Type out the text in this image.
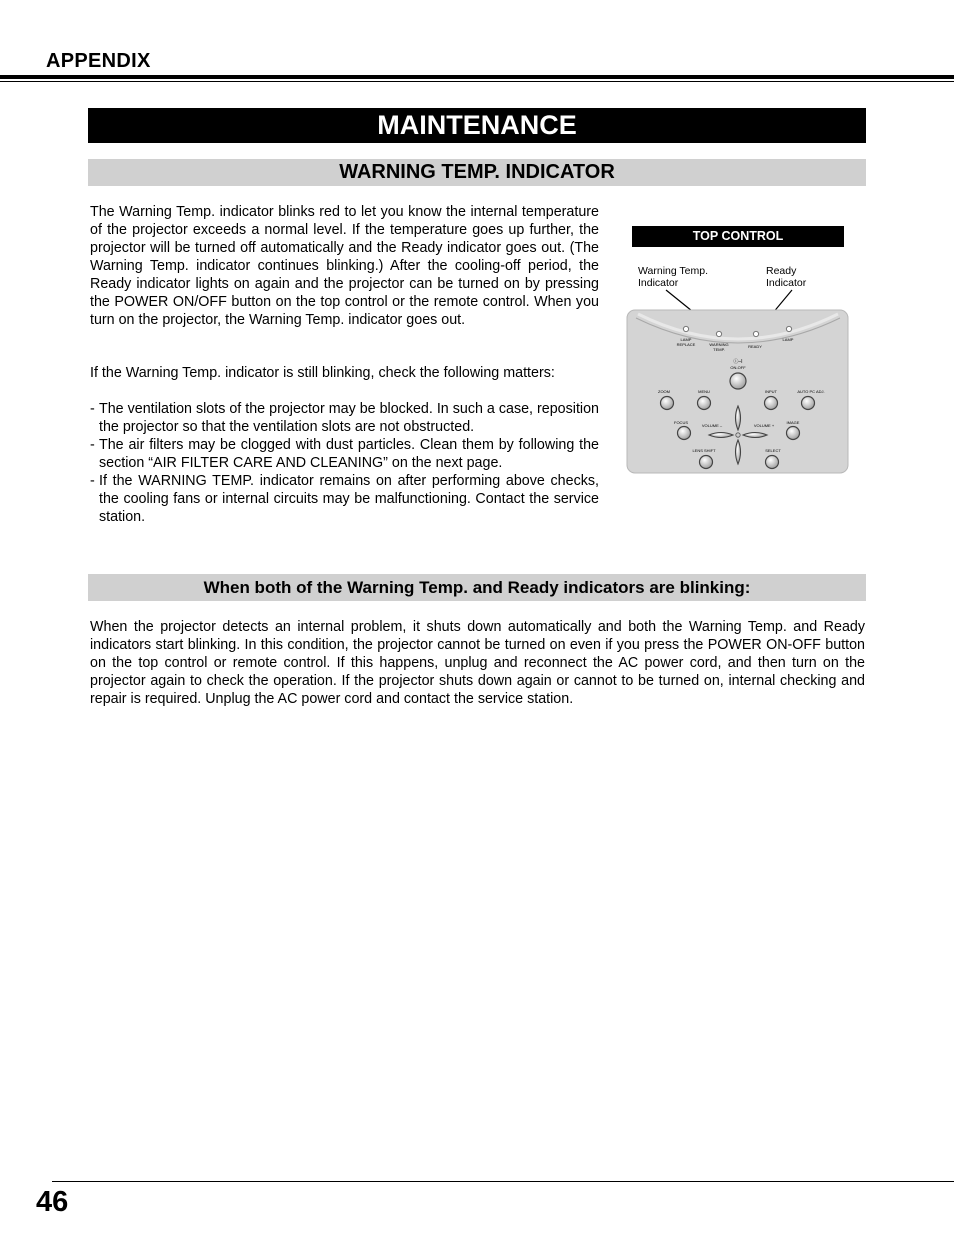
APPENDIX
MAINTENANCE
WARNING TEMP. INDICATOR
The Warning Temp. indicator blinks red to let you know the internal temperature of the projector exceeds a normal level. If the temperature goes up further, the projector will be turned off automatically and the Ready indicator goes out. (The Warning Temp. indicator continues blinking.) After the cooling-off period, the Ready indicator lights on again and the projector can be turned on by pressing the POWER ON/OFF button on the top control or the remote control. When you turn on the projector, the Warning Temp. indicator goes out.
If the Warning Temp. indicator is still blinking, check the following matters:
- The ventilation slots of the projector may be blocked. In such a case, reposition the projector so that the ventilation slots are not obstructed.
- The air filters may be clogged with dust particles. Clean them by following the section “AIR FILTER CARE AND CLEANING” on the next page.
- If the WARNING TEMP. indicator remains on after performing above checks, the cooling fans or internal circuits may be malfunctioning. Contact the service station.
TOP CONTROL
Warning Temp.
Indicator
Ready
Indicator
LAMP
REPLACE	WARNING
TEMP.
READY
LAMP
ⓘ–I
ON-OFF
ZOOM	MENU	INPUT	AUTO PC ADJ.
FOCUS
VOLUME –	VOLUME +
IMAGE
LENS SHIFT	SELECT
When both of the Warning Temp. and Ready indicators are blinking:
When the projector detects an internal problem, it shuts down automatically and both the Warning Temp. and Ready indicators start blinking. In this condition, the projector cannot be turned on even if you press the POWER ON-OFF button on the top control or remote control. If this happens, unplug and reconnect the AC power cord, and then turn on the projector again to check the operation. If the projector shuts down again or cannot to be turned on, internal checking and repair is required. Unplug the AC power cord and contact the service station.
46
